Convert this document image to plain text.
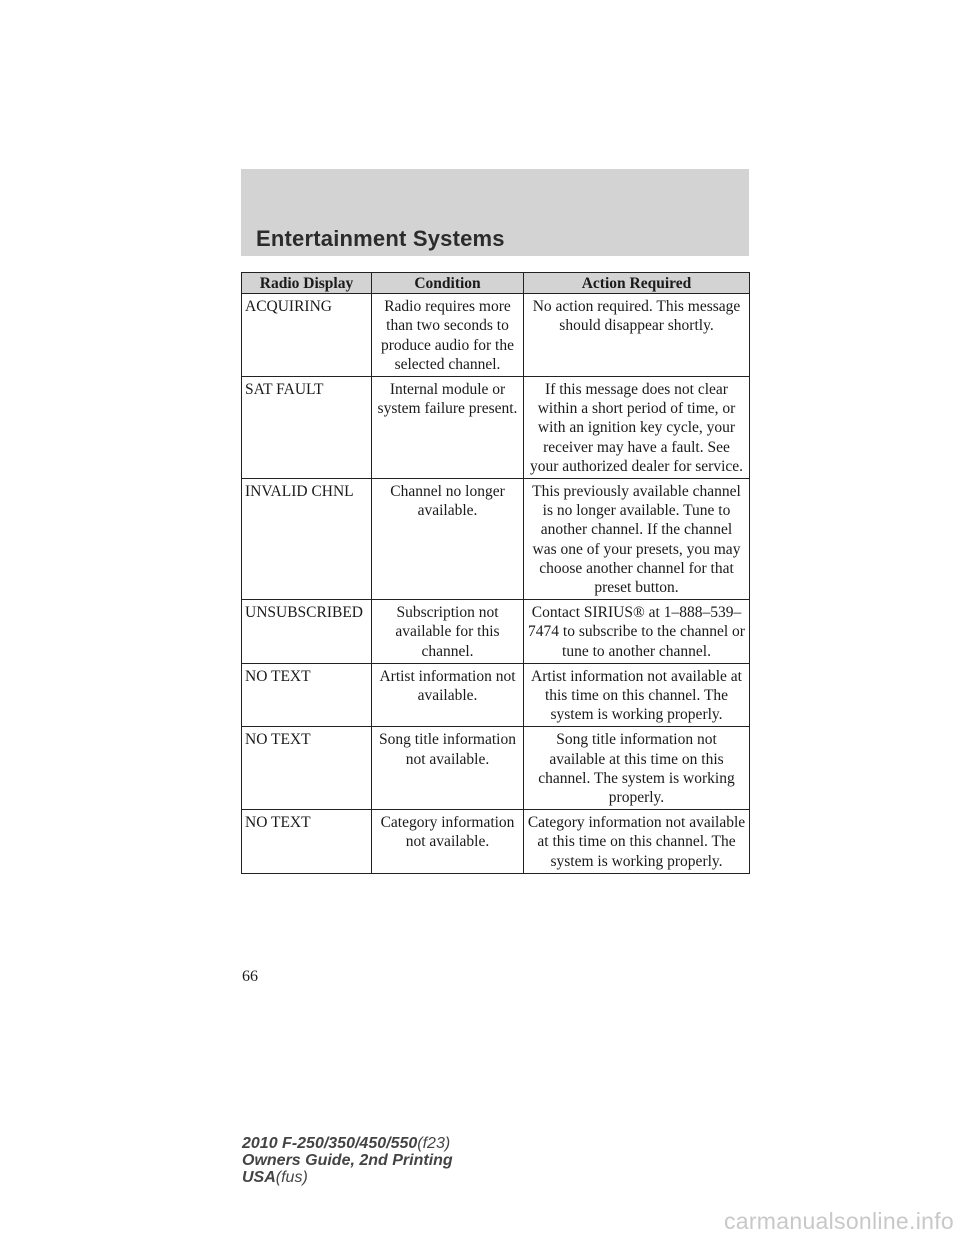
Entertainment Systems
Radio Display	Condition	Action Required
ACQUIRING	Radio requires more than two seconds to produce audio for the selected channel.	No action required. This message should disappear shortly.
SAT FAULT	Internal module or system failure present.	If this message does not clear within a short period of time, or with an ignition key cycle, your receiver may have a fault. See your authorized dealer for service.
INVALID CHNL	Channel no longer available.	This previously available channel is no longer available. Tune to another channel. If the channel was one of your presets, you may choose another channel for that preset button.
UNSUBSCRIBED	Subscription not available for this channel.	Contact SIRIUS® at 1–888–539–7474 to subscribe to the channel or tune to another channel.
NO TEXT	Artist information not available.	Artist information not available at this time on this channel. The system is working properly.
NO TEXT	Song title information not available.	Song title information not available at this time on this channel. The system is working properly.
NO TEXT	Category information not available.	Category information not available at this time on this channel. The system is working properly.
66
2010 F-250/350/450/550(f23)
Owners Guide, 2nd Printing
USA(fus)
carmanualsonline.info
